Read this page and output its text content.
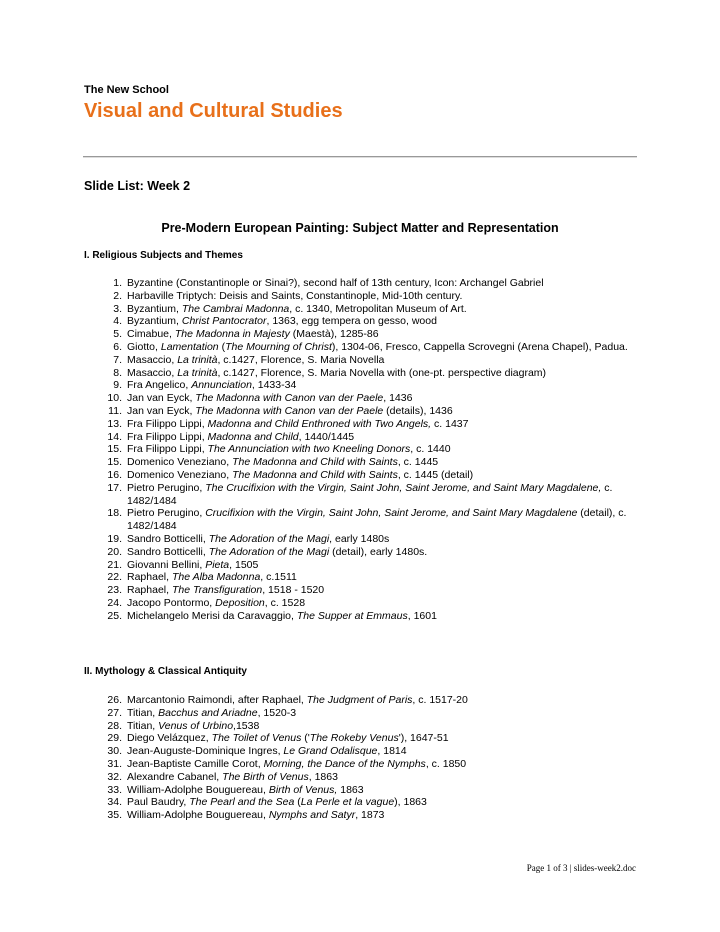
The New School
Visual and Cultural Studies
Slide List: Week 2
Pre-Modern European Painting: Subject Matter and Representation
I. Religious Subjects and Themes
1. Byzantine (Constantinople or Sinai?), second half of 13th century, Icon: Archangel Gabriel
2. Harbaville Triptych: Deisis and Saints, Constantinople, Mid-10th century.
3. Byzantium, The Cambrai Madonna, c. 1340, Metropolitan Museum of Art.
4. Byzantium, Christ Pantocrator, 1363, egg tempera on gesso, wood
5. Cimabue, The Madonna in Majesty (Maestà), 1285-86
6. Giotto, Lamentation (The Mourning of Christ), 1304-06, Fresco, Cappella Scrovegni (Arena Chapel), Padua.
7. Masaccio, La trinità, c.1427, Florence, S. Maria Novella
8. Masaccio, La trinità, c.1427, Florence, S. Maria Novella with (one-pt. perspective diagram)
9. Fra Angelico, Annunciation, 1433-34
10. Jan van Eyck, The Madonna with Canon van der Paele, 1436
11. Jan van Eyck, The Madonna with Canon van der Paele (details), 1436
13. Fra Filippo Lippi, Madonna and Child Enthroned with Two Angels, c. 1437
14. Fra Filippo Lippi, Madonna and Child, 1440/1445
15. Fra Filippo Lippi, The Annunciation with two Kneeling Donors, c. 1440
15. Domenico Veneziano, The Madonna and Child with Saints, c. 1445
16. Domenico Veneziano, The Madonna and Child with Saints, c. 1445 (detail)
17. Pietro Perugino, The Crucifixion with the Virgin, Saint John, Saint Jerome, and Saint Mary Magdalene, c. 1482/1484
18. Pietro Perugino, Crucifixion with the Virgin, Saint John, Saint Jerome, and Saint Mary Magdalene (detail), c. 1482/1484
19. Sandro Botticelli, The Adoration of the Magi, early 1480s
20. Sandro Botticelli, The Adoration of the Magi (detail), early 1480s.
21. Giovanni Bellini, Pieta, 1505
22. Raphael, The Alba Madonna, c.1511
23. Raphael, The Transfiguration, 1518 - 1520
24. Jacopo Pontormo, Deposition, c. 1528
25. Michelangelo Merisi da Caravaggio, The Supper at Emmaus, 1601
II. Mythology & Classical Antiquity
26. Marcantonio Raimondi, after Raphael, The Judgment of Paris, c. 1517-20
27. Titian, Bacchus and Ariadne, 1520-3
28. Titian, Venus of Urbino,1538
29. Diego Velázquez, The Toilet of Venus ('The Rokeby Venus'), 1647-51
30. Jean-Auguste-Dominique Ingres, Le Grand Odalisque, 1814
31. Jean-Baptiste Camille Corot, Morning, the Dance of the Nymphs, c. 1850
32. Alexandre Cabanel, The Birth of Venus, 1863
33. William-Adolphe Bouguereau, Birth of Venus, 1863
34. Paul Baudry, The Pearl and the Sea (La Perle et la vague), 1863
35. William-Adolphe Bouguereau, Nymphs and Satyr, 1873
Page 1 of 3 | slides-week2.doc
